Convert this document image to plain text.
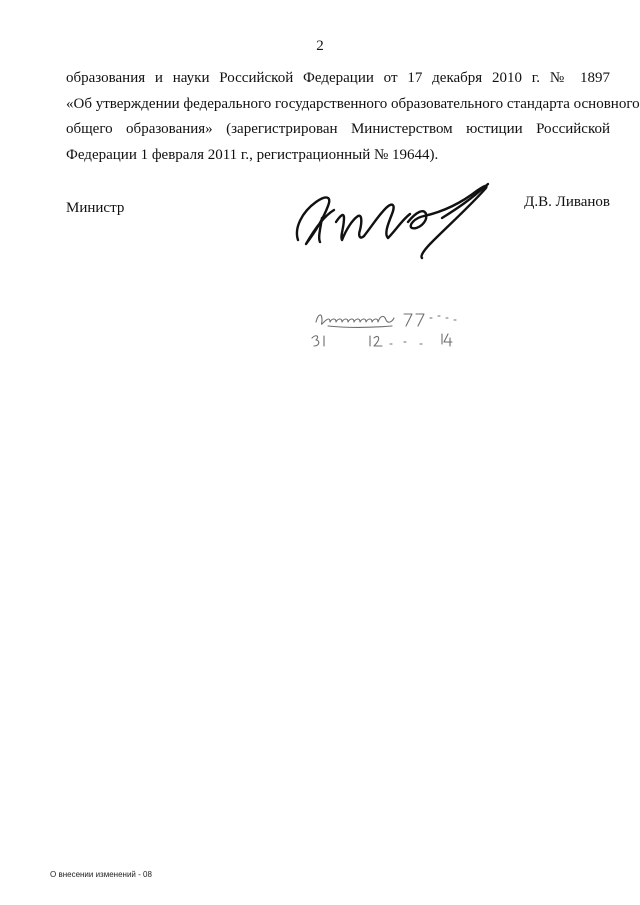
2
образования и науки Российской Федерации от 17 декабря 2010 г. № 1897
«Об утверждении федерального государственного образовательного стандарта основного
общего образования» (зарегистрирован Министерством юстиции Российской
Федерации 1 февраля 2011 г., регистрационный № 19644).
Министр	Д.В. Ливанов
О внесении изменений - 08
